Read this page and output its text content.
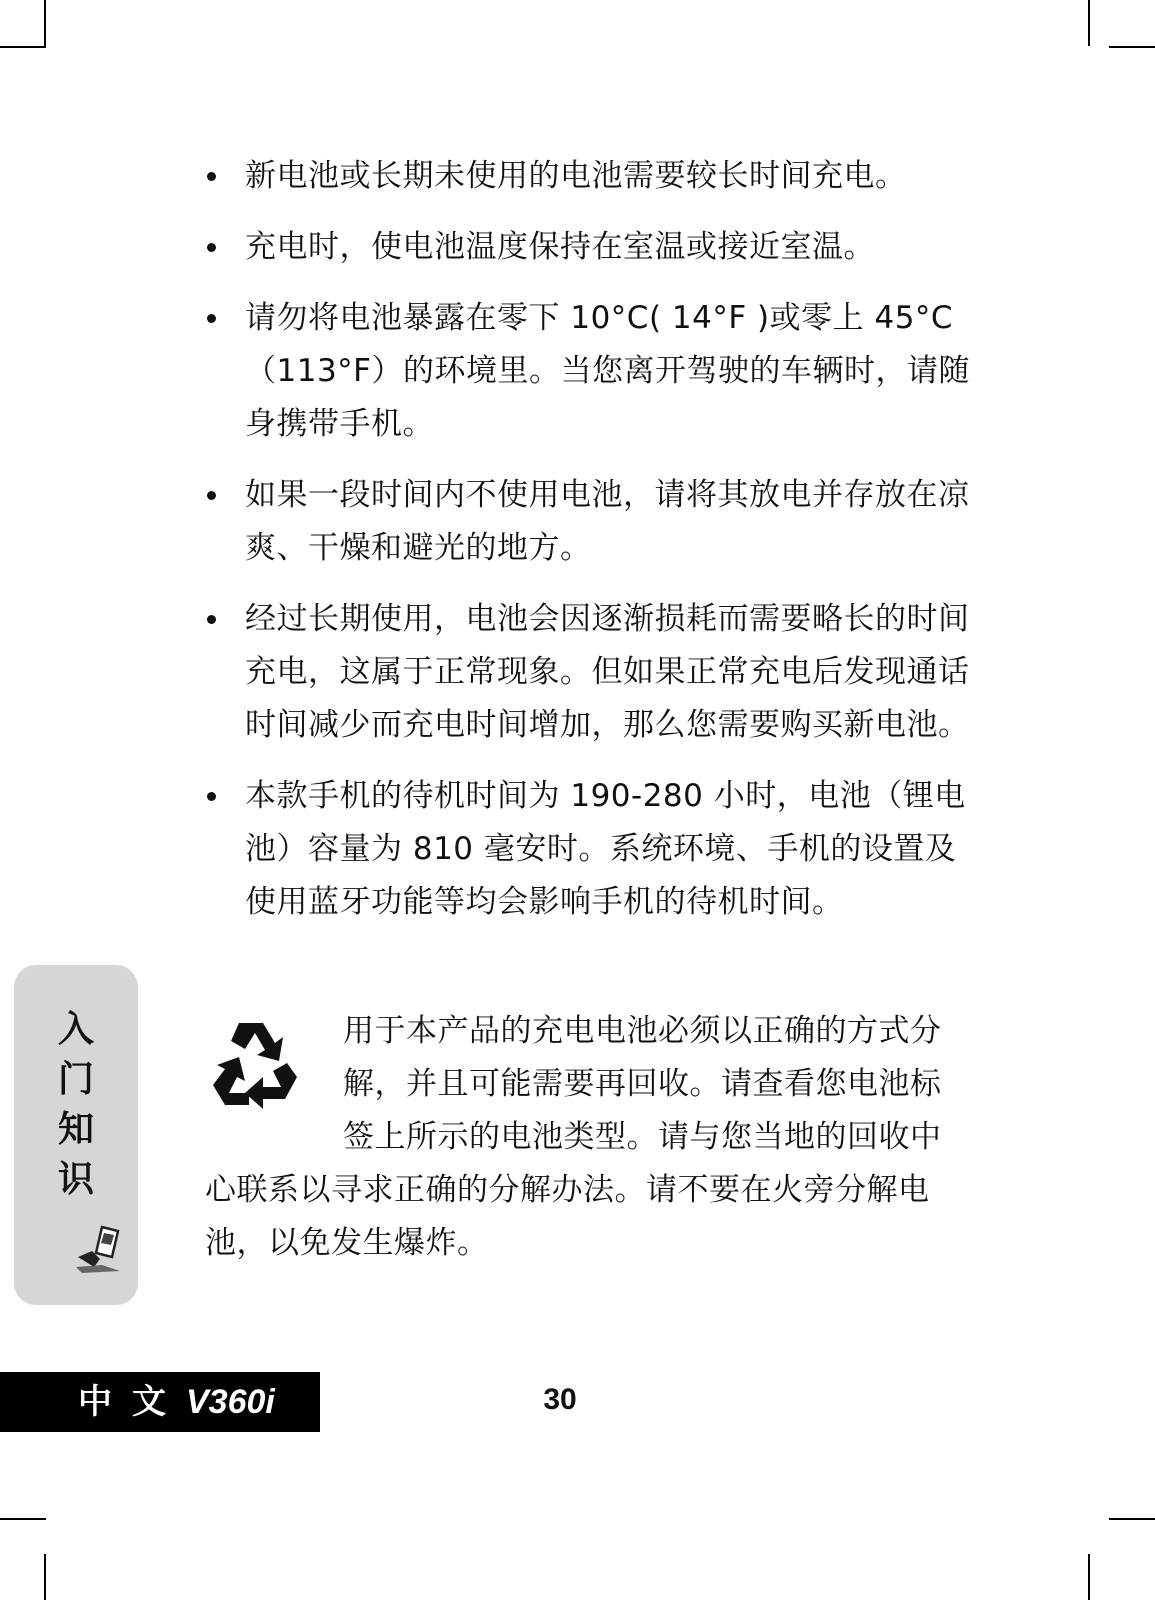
新电池或长期未使用的电池需要较长时间充电。
充电时，使电池温度保持在室温或接近室温。
请勿将电池暴露在零下 10°C( 14°F )或零上 45°C（113°F）的环境里。当您离开驾驶的车辆时，请随身携带手机。
如果一段时间内不使用电池，请将其放电并存放在凉爽、干燥和避光的地方。
经过长期使用，电池会因逐渐损耗而需要略长的时间充电，这属于正常现象。但如果正常充电后发现通话时间减少而充电时间增加，那么您需要购买新电池。
本款手机的待机时间为 190-280 小时，电池（锂电池）容量为 810 毫安时。系统环境、手机的设置及使用蓝牙功能等均会影响手机的待机时间。
用于本产品的充电电池必须以正确的方式分解，并且可能需要再回收。请查看您电池标签上所示的电池类型。请与您当地的回收中心联系以寻求正确的分解办法。请不要在火旁分解电池，以免发生爆炸。
入
门
知
识
中文 V360i	30
